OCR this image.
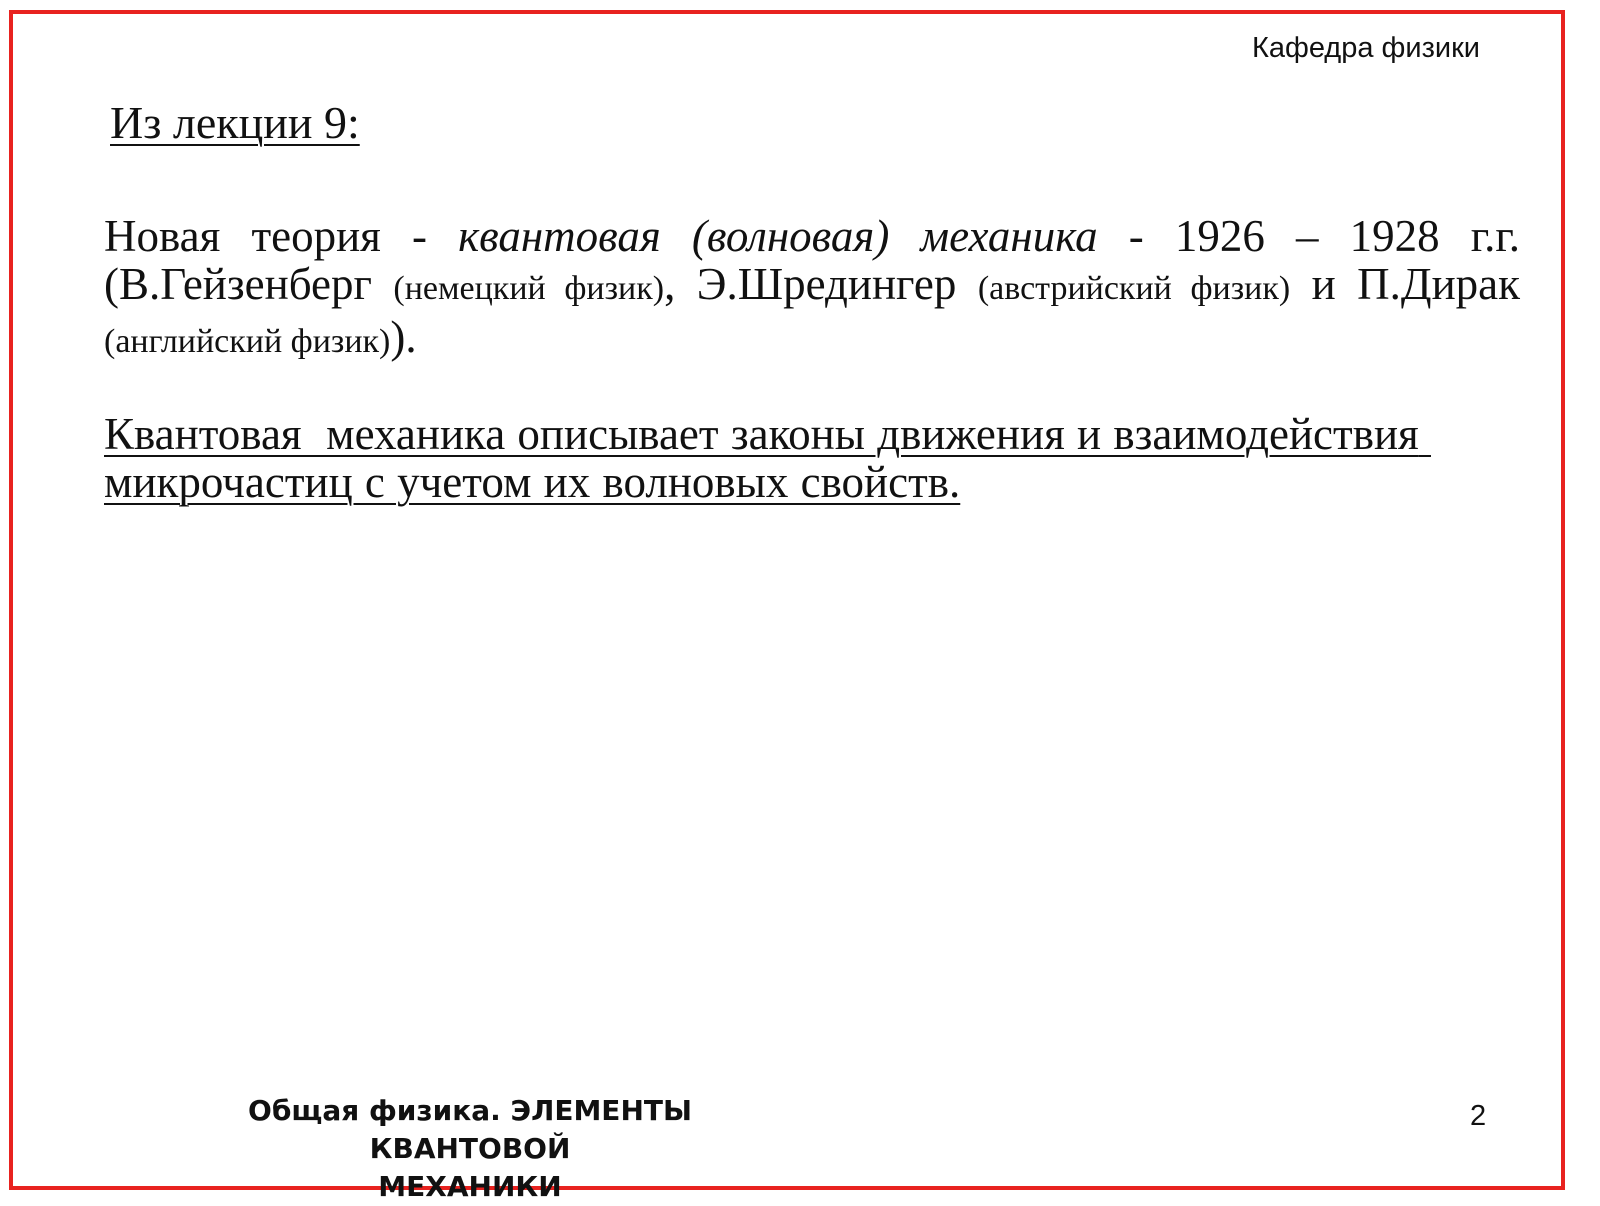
Кафедра физики
Из лекции 9:

Новая теория - квантовая (волновая) механика - 1926 – 1928 г.г. (В.Гейзенберг (немецкий физик), Э.Шредингер (австрийский физик) и П.Дирак (английский физик)).

Квантовая  механика описывает законы движения и взаимодействия микрочастиц с учетом их волновых свойств.

Общая физика. ЭЛЕМЕНТЫ КВАНТОВОЙ
МЕХАНИКИ
2
